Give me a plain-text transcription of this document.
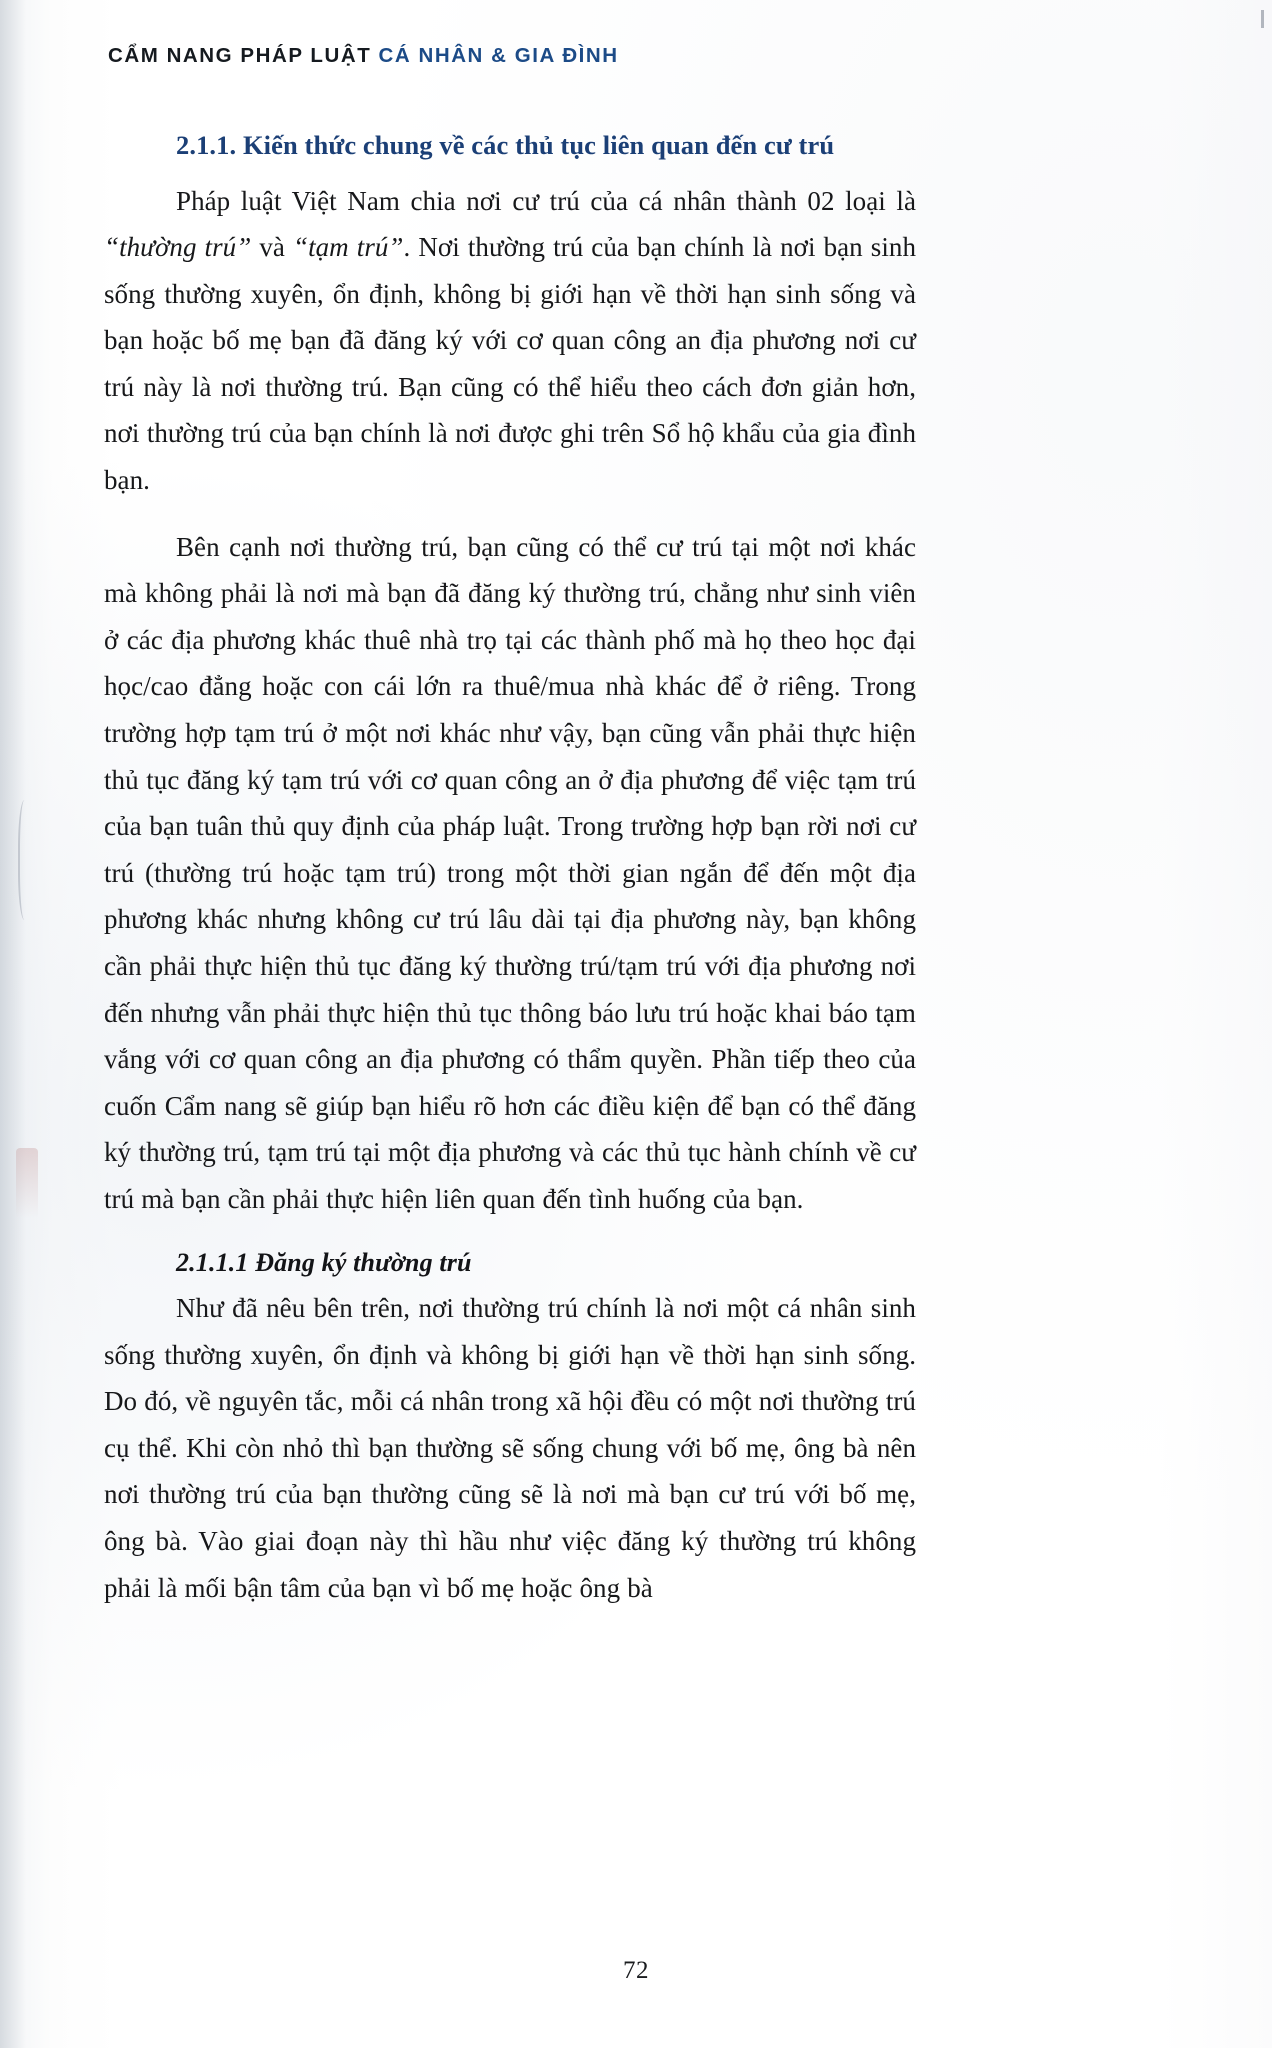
CẨM NANG PHÁP LUẬT CÁ NHÂN & GIA ĐÌNH
2.1.1. Kiến thức chung về các thủ tục liên quan đến cư trú

Pháp luật Việt Nam chia nơi cư trú của cá nhân thành 02 loại là “thường trú” và “tạm trú”. Nơi thường trú của bạn chính là nơi bạn sinh sống thường xuyên, ổn định, không bị giới hạn về thời hạn sinh sống và bạn hoặc bố mẹ bạn đã đăng ký với cơ quan công an địa phương nơi cư trú này là nơi thường trú. Bạn cũng có thể hiểu theo cách đơn giản hơn, nơi thường trú của bạn chính là nơi được ghi trên Sổ hộ khẩu của gia đình bạn.

Bên cạnh nơi thường trú, bạn cũng có thể cư trú tại một nơi khác mà không phải là nơi mà bạn đã đăng ký thường trú, chẳng như sinh viên ở các địa phương khác thuê nhà trọ tại các thành phố mà họ theo học đại học/cao đẳng hoặc con cái lớn ra thuê/mua nhà khác để ở riêng. Trong trường hợp tạm trú ở một nơi khác như vậy, bạn cũng vẫn phải thực hiện thủ tục đăng ký tạm trú với cơ quan công an ở địa phương để việc tạm trú của bạn tuân thủ quy định của pháp luật. Trong trường hợp bạn rời nơi cư trú (thường trú hoặc tạm trú) trong một thời gian ngắn để đến một địa phương khác nhưng không cư trú lâu dài tại địa phương này, bạn không cần phải thực hiện thủ tục đăng ký thường trú/tạm trú với địa phương nơi đến nhưng vẫn phải thực hiện thủ tục thông báo lưu trú hoặc khai báo tạm vắng với cơ quan công an địa phương có thẩm quyền. Phần tiếp theo của cuốn Cẩm nang sẽ giúp bạn hiểu rõ hơn các điều kiện để bạn có thể đăng ký thường trú, tạm trú tại một địa phương và các thủ tục hành chính về cư trú mà bạn cần phải thực hiện liên quan đến tình huống của bạn.

2.1.1.1 Đăng ký thường trú

Như đã nêu bên trên, nơi thường trú chính là nơi một cá nhân sinh sống thường xuyên, ổn định và không bị giới hạn về thời hạn sinh sống. Do đó, về nguyên tắc, mỗi cá nhân trong xã hội đều có một nơi thường trú cụ thể. Khi còn nhỏ thì bạn thường sẽ sống chung với bố mẹ, ông bà nên nơi thường trú của bạn thường cũng sẽ là nơi mà bạn cư trú với bố mẹ, ông bà. Vào giai đoạn này thì hầu như việc đăng ký thường trú không phải là mối bận tâm của bạn vì bố mẹ hoặc ông bà

72
